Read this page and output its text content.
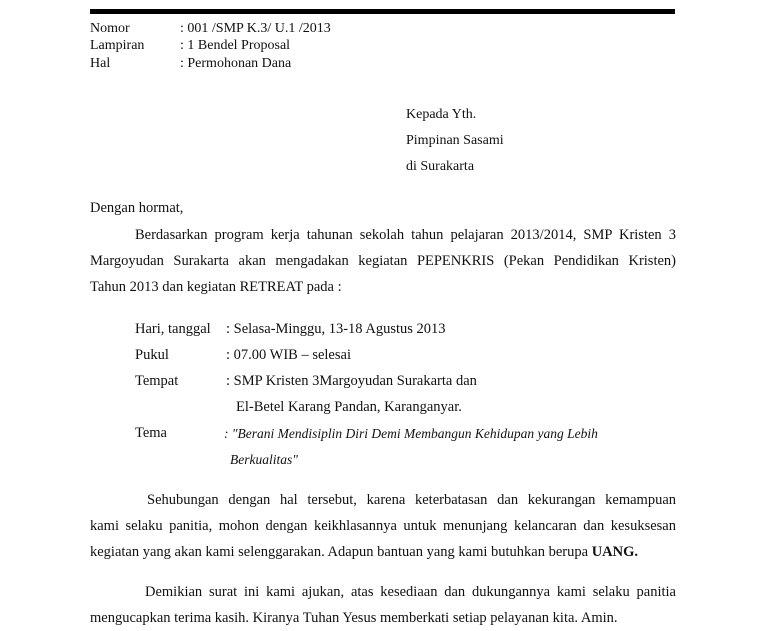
Nomor	: 001 /SMP K.3/ U.1 /2013
Lampiran	: 1 Bendel Proposal
Hal	: Permohonan Dana
Kepada Yth.
Pimpinan Sasami
di Surakarta
Dengan hormat,
Berdasarkan program kerja tahunan sekolah tahun pelajaran 2013/2014, SMP Kristen 3
Margoyudan Surakarta akan mengadakan kegiatan PEPENKRIS (Pekan Pendidikan Kristen)
Tahun 2013 dan kegiatan RETREAT pada :
Hari, tanggal : Selasa-Minggu, 13-18 Agustus 2013
Pukul	: 07.00 WIB – selesai
Tempat	: SMP Kristen 3Margoyudan Surakarta dan
El-Betel Karang Pandan, Karanganyar.
Tema	: "Berani Mendisiplin Diri Demi Membangun Kehidupan yang Lebih
Berkualitas"
Sehubungan dengan hal tersebut, karena keterbatasan dan kekurangan kemampuan
kami selaku panitia, mohon dengan keikhlasannya untuk menunjang kelancaran dan kesuksesan
kegiatan yang akan kami selenggarakan. Adapun bantuan yang kami butuhkan berupa UANG.
Demikian surat ini kami ajukan, atas kesediaan dan dukungannya kami selaku panitia
mengucapkan terima kasih. Kiranya Tuhan Yesus memberkati setiap pelayanan kita. Amin.
